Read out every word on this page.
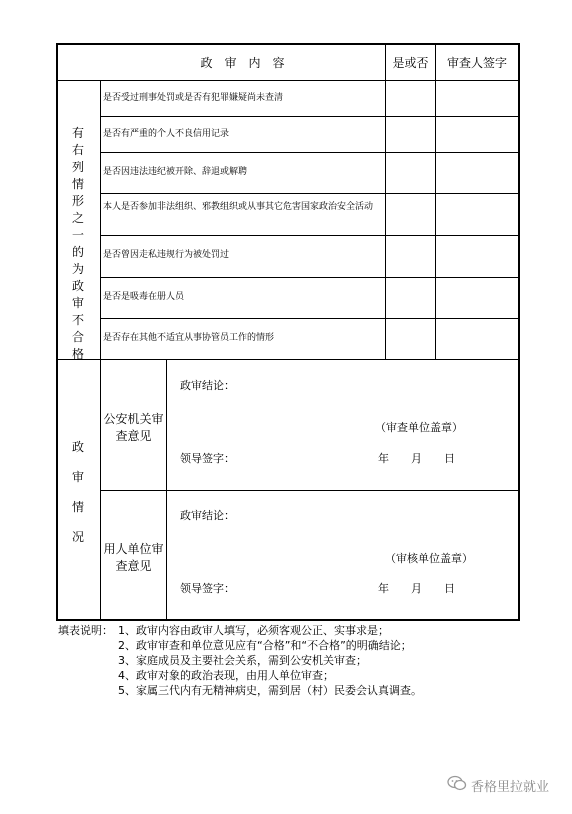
政　审　内　容	是或否	审查人签字
有右列情形之一的为政审不合格
是否受过刑事处罚或是否有犯罪嫌疑尚未查清
是否有严重的个人不良信用记录
是否因违法违纪被开除、辞退或解聘
本人是否参加非法组织、邪教组织或从事其它危害国家政治安全活动
是否曾因走私违规行为被处罚过
是否是吸毒在册人员
是否存在其他不适宜从事协管员工作的情形
政审情况
公安机关审查意见
政审结论：
（审查单位盖章）
领导签字：	年　　月　　日
用人单位审查意见
政审结论：
（审核单位盖章）
领导签字：	年　　月　　日
填表说明： 1、政审内容由政审人填写，必须客观公正、实事求是；
2、政审审查和单位意见应有“合格”和“不合格”的明确结论；
3、家庭成员及主要社会关系，需到公安机关审查；
4、政审对象的政治表现，由用人单位审查；
5、家属三代内有无精神病史，需到居（村）民委会认真调查。
香格里拉就业
